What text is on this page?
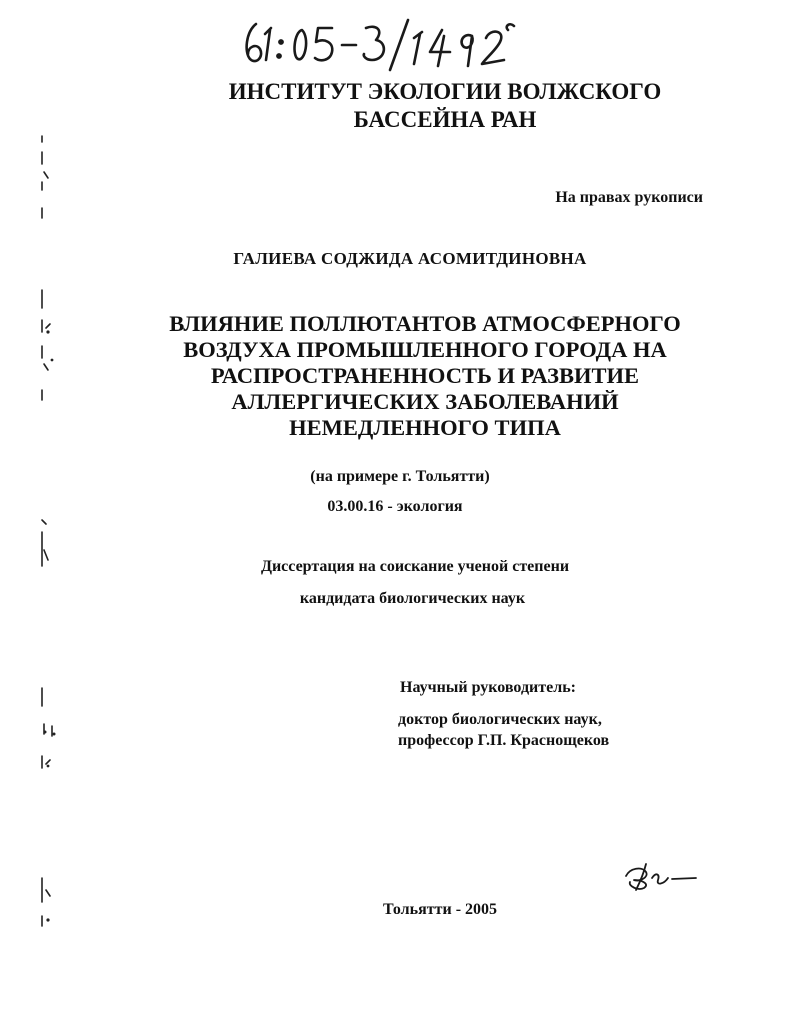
ИНСТИТУТ ЭКОЛОГИИ ВОЛЖСКОГО
БАССЕЙНА РАН
На правах рукописи
ГАЛИЕВА СОДЖИДА АСОМИТДИНОВНА
ВЛИЯНИЕ ПОЛЛЮТАНТОВ АТМОСФЕРНОГО
ВОЗДУХА ПРОМЫШЛЕННОГО ГОРОДА НА
РАСПРОСТРАНЕННОСТЬ И РАЗВИТИЕ
АЛЛЕРГИЧЕСКИХ ЗАБОЛЕВАНИЙ
НЕМЕДЛЕННОГО ТИПА
(на примере г. Тольятти)
03.00.16 - экология
Диссертация на соискание ученой степени
кандидата биологических наук
Научный руководитель:
доктор биологических наук,
профессор Г.П. Краснощеков
Тольятти - 2005
